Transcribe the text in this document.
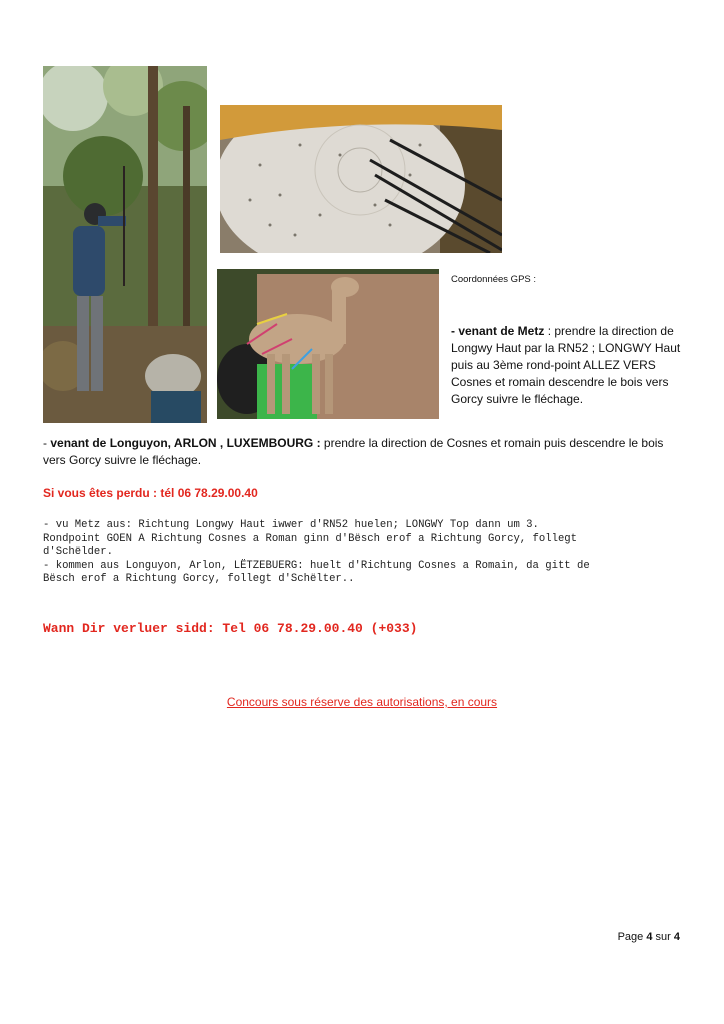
Coordonnées GPS :
- venant de Metz : prendre la direction de Longwy Haut par la RN52 ; LONGWY Haut puis au 3ème rond-point ALLEZ VERS Cosnes et romain descendre le bois vers Gorcy suivre le fléchage.
- venant de Longuyon, ARLON , LUXEMBOURG : prendre la direction de Cosnes et romain puis descendre le bois vers Gorcy suivre le fléchage.
Si vous êtes perdu : tél 06 78.29.00.40
- vu Metz aus: Richtung Longwy Haut iwwer d'RN52 huelen; LONGWY Top dann um 3.
Rondpoint GOEN A Richtung Cosnes a Roman ginn d'Bësch erof a Richtung Gorcy, follegt
d'Schëlder.
- kommen aus Longuyon, Arlon, LËTZEBUERG: huelt d'Richtung Cosnes a Romain, da gitt de
Bësch erof a Richtung Gorcy, follegt d'Schëlter..
Wann Dir verluer sidd: Tel 06 78.29.00.40 (+033)
Concours sous réserve des autorisations, en cours
Page 4 sur 4
